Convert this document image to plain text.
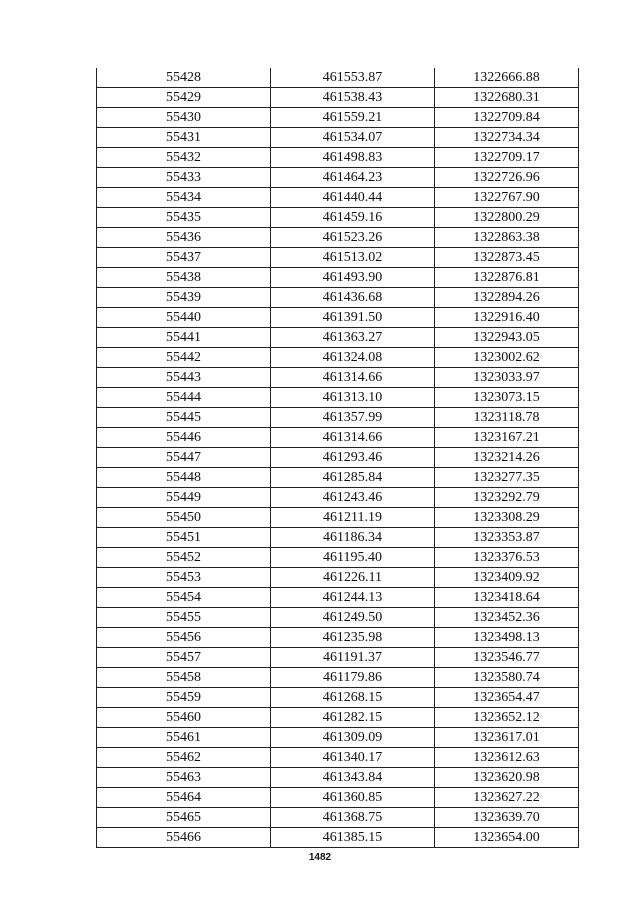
55428	461553.87	1322666.88
55429	461538.43	1322680.31
55430	461559.21	1322709.84
55431	461534.07	1322734.34
55432	461498.83	1322709.17
55433	461464.23	1322726.96
55434	461440.44	1322767.90
55435	461459.16	1322800.29
55436	461523.26	1322863.38
55437	461513.02	1322873.45
55438	461493.90	1322876.81
55439	461436.68	1322894.26
55440	461391.50	1322916.40
55441	461363.27	1322943.05
55442	461324.08	1323002.62
55443	461314.66	1323033.97
55444	461313.10	1323073.15
55445	461357.99	1323118.78
55446	461314.66	1323167.21
55447	461293.46	1323214.26
55448	461285.84	1323277.35
55449	461243.46	1323292.79
55450	461211.19	1323308.29
55451	461186.34	1323353.87
55452	461195.40	1323376.53
55453	461226.11	1323409.92
55454	461244.13	1323418.64
55455	461249.50	1323452.36
55456	461235.98	1323498.13
55457	461191.37	1323546.77
55458	461179.86	1323580.74
55459	461268.15	1323654.47
55460	461282.15	1323652.12
55461	461309.09	1323617.01
55462	461340.17	1323612.63
55463	461343.84	1323620.98
55464	461360.85	1323627.22
55465	461368.75	1323639.70
55466	461385.15	1323654.00
1482
